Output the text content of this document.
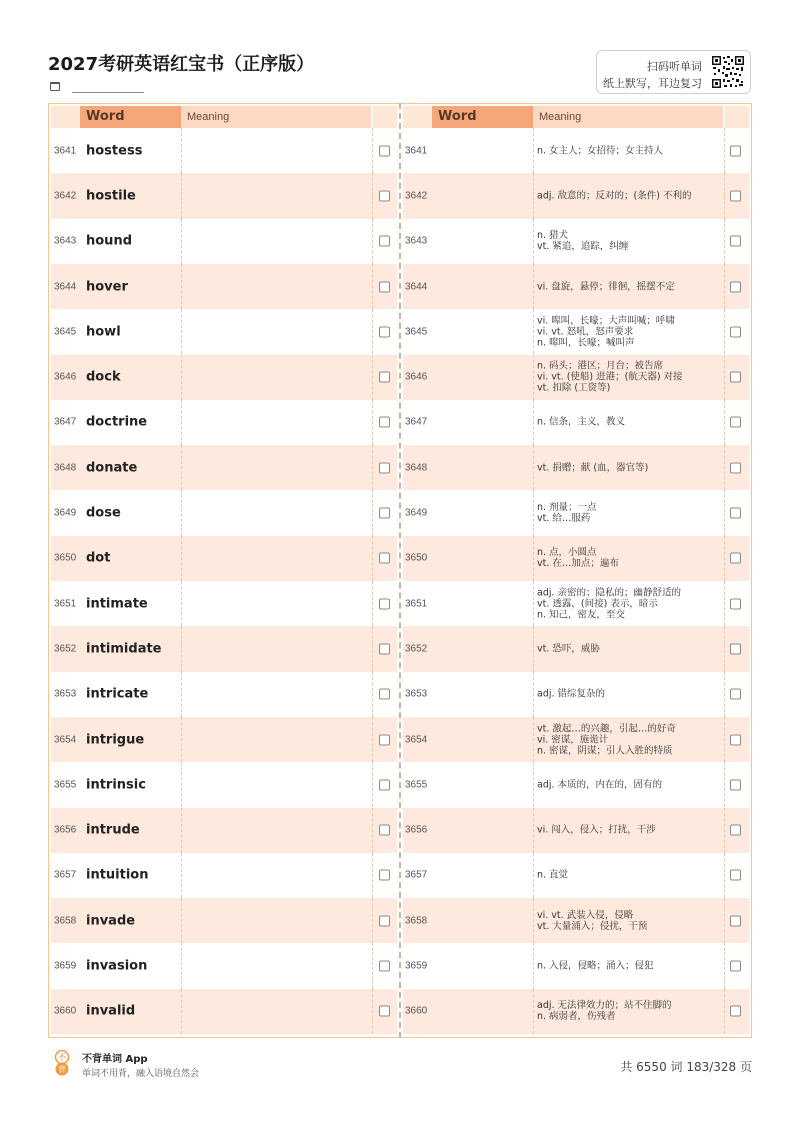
2027考研英语红宝书（正序版）	扫码听单词
纸上默写，耳边复习
Word	Meaning
3641 hostess
3642 hostile
3643 hound
3644 hover
3645 howl
3646 dock
3647 doctrine
3648 donate
3649 dose
3650 dot
3651 intimate
3652 intimidate
3653 intricate
3654 intrigue
3655 intrinsic
3656 intrude
3657 intuition
3658 invade
3659 invasion
3660 invalid
Word	Meaning
3641	n. 女主人；女招待；女主持人
3642	adj. 敌意的；反对的；(条件) 不利的
3643	n. 猎犬
vt. 紧追，追踪，纠缠
3644	vi. 盘旋，悬停；徘徊，摇摆不定
3645
vi. 嗥叫，长嚎；大声叫喊；呼啸
vi. vt. 怒吼，怒声要求
n. 嗥叫，长嚎；喊叫声
3646
n. 码头；港区；月台；被告席
vi. vt. (使船) 进港；(航天器) 对接
vt. 扣除 (工资等)
3647	n. 信条，主义，教义
3648	vt. 捐赠；献 (血，器官等)
3649	n. 剂量；一点
vt. 给…服药
3650	n. 点，小圆点
vt. 在…加点；遍布
3651
adj. 亲密的；隐私的；幽静舒适的
vt. 透露，(间接) 表示，暗示
n. 知己，密友，至交
3652	vt. 恐吓，威胁
3653	adj. 错综复杂的
3654
vt. 激起…的兴趣，引起…的好奇
vi. 密谋，施诡计
n. 密谋，阴谋；引人入胜的特质
3655	adj. 本质的，内在的，固有的
3656	vi. 闯入，侵入；打扰，干涉
3657	n. 直觉
3658	vi. vt. 武装入侵，侵略
vt. 大量涌入；侵扰，干预
3659	n. 入侵，侵略；涌入；侵犯
3660	adj. 无法律效力的；站不住脚的
n. 病弱者，伤残者
不
背
不背单词 App
单词不用背，融入语境自然会	共 6550 词 183/328 页
